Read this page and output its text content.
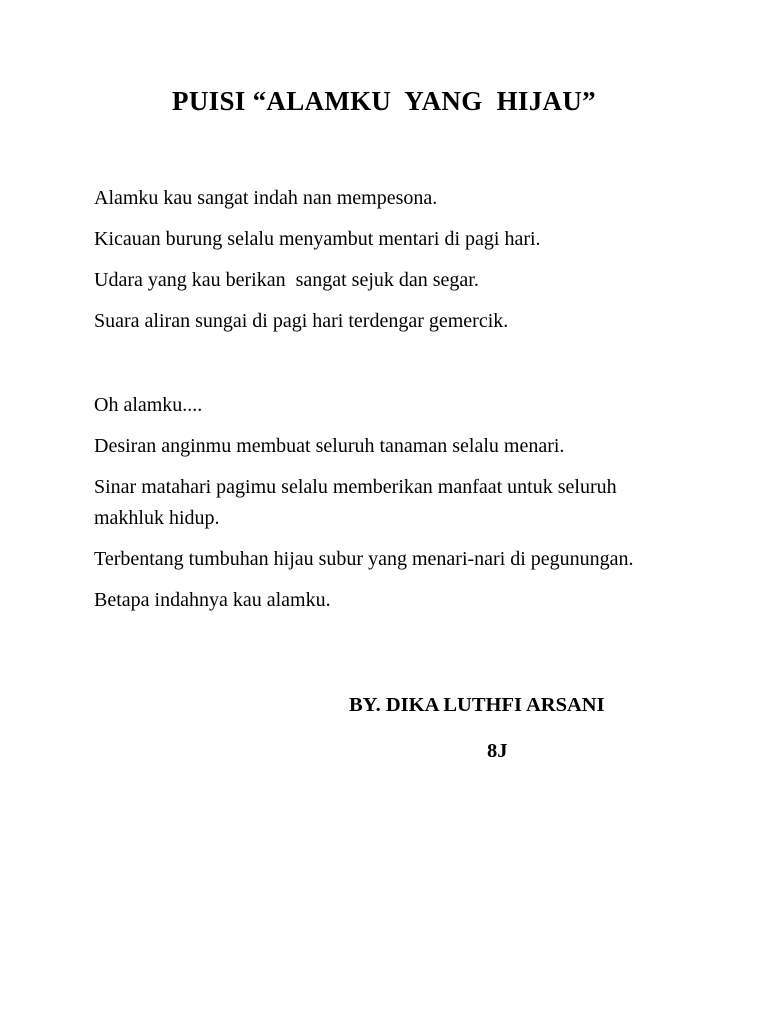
PUISI “ALAMKU  YANG  HIJAU”

Alamku kau sangat indah nan mempesona.

Kicauan burung selalu menyambut mentari di pagi hari.

Udara yang kau berikan  sangat sejuk dan segar.

Suara aliran sungai di pagi hari terdengar gemercik.

Oh alamku....

Desiran anginmu membuat seluruh tanaman selalu menari.

Sinar matahari pagimu selalu memberikan manfaat untuk seluruh makhluk hidup.

Terbentang tumbuhan hijau subur yang menari-nari di pegunungan.

Betapa indahnya kau alamku.

BY. DIKA LUTHFI ARSANI

8J
